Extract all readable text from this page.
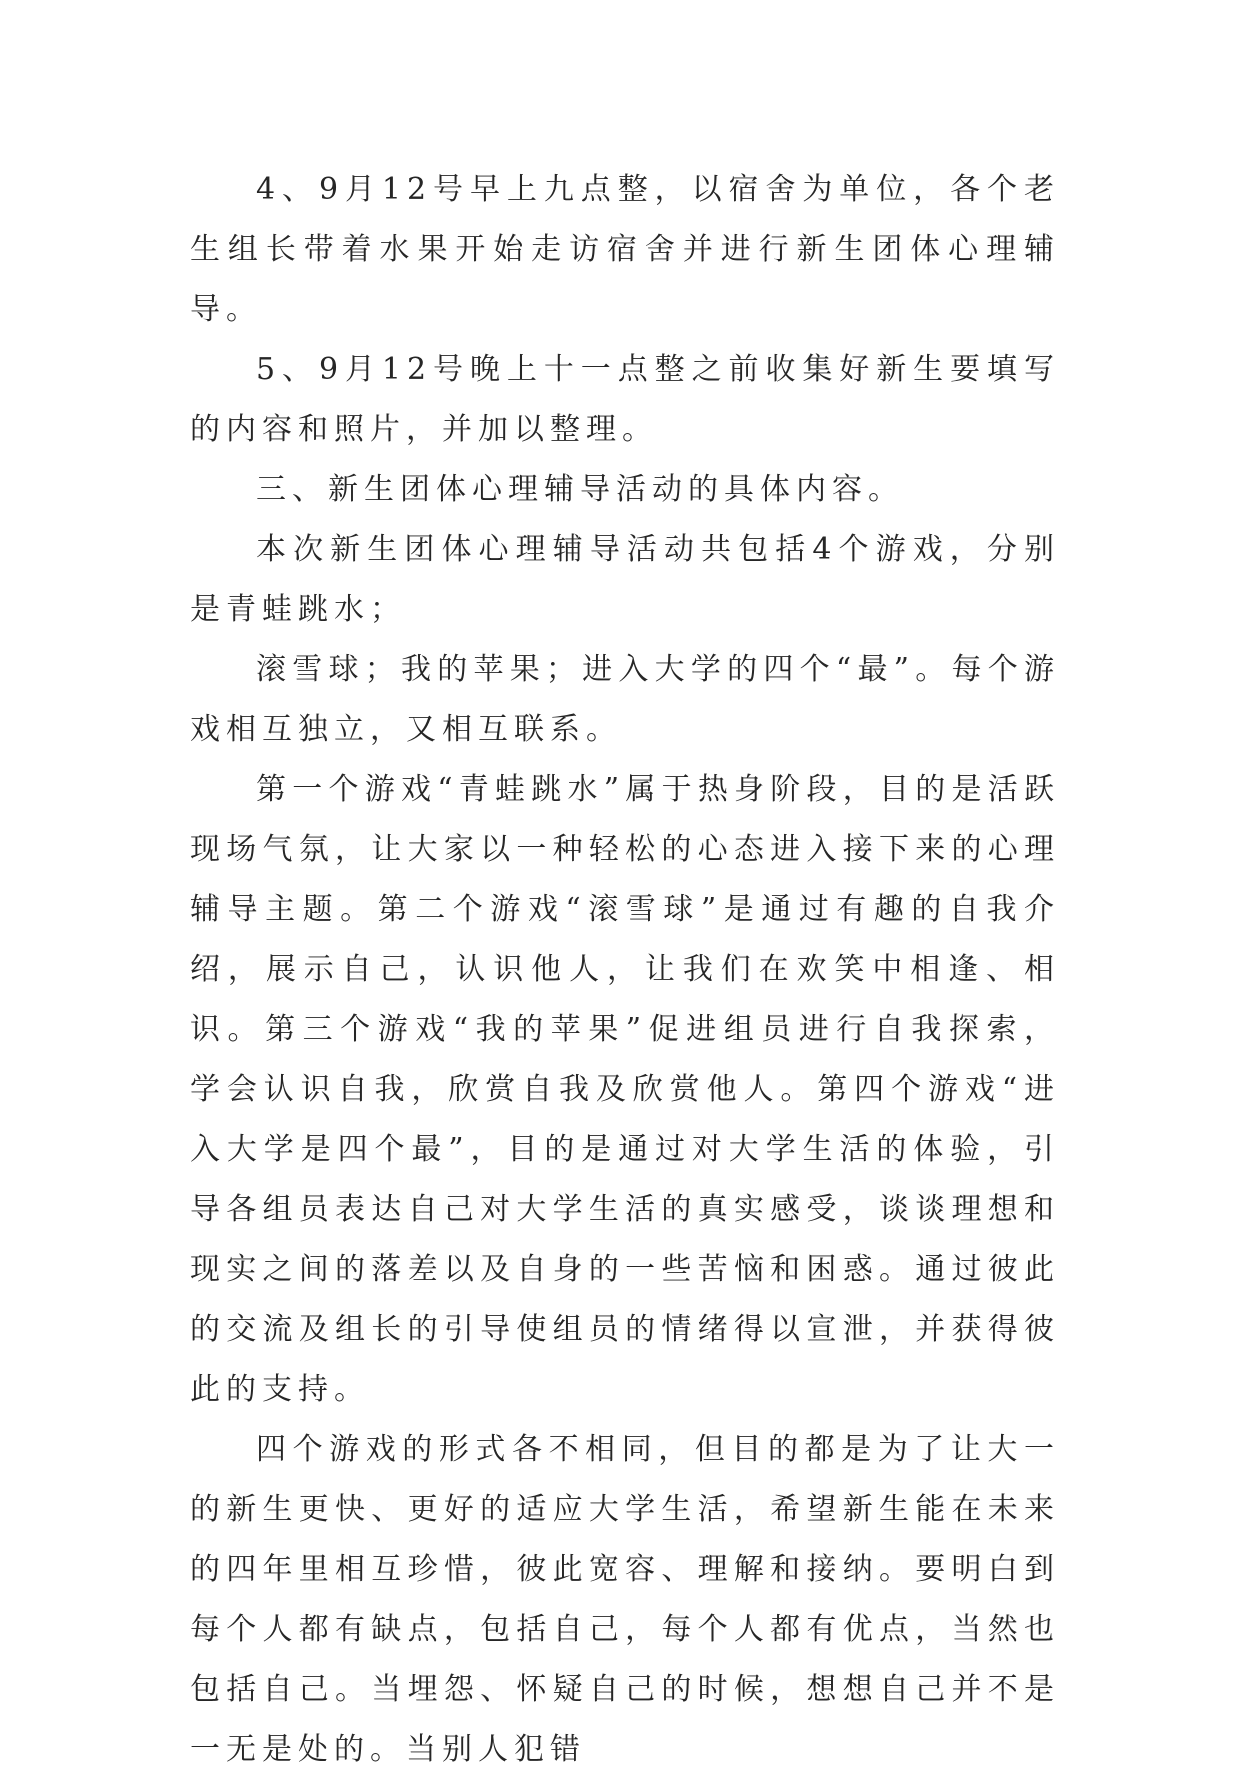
4、9月12号早上九点整，以宿舍为单位，各个老生组长带着水果开始走访宿舍并进行新生团体心理辅导。

5、9月12号晚上十一点整之前收集好新生要填写的内容和照片，并加以整理。

三、新生团体心理辅导活动的具体内容。

本次新生团体心理辅导活动共包括4个游戏，分别是青蛙跳水；

滚雪球；我的苹果；进入大学的四个“最”。每个游戏相互独立，又相互联系。

第一个游戏“青蛙跳水”属于热身阶段，目的是活跃现场气氛，让大家以一种轻松的心态进入接下来的心理辅导主题。第二个游戏“滚雪球”是通过有趣的自我介绍，展示自己，认识他人，让我们在欢笑中相逢、相识。第三个游戏“我的苹果”促进组员进行自我探索，学会认识自我，欣赏自我及欣赏他人。第四个游戏“进入大学是四个最”，目的是通过对大学生活的体验，引导各组员表达自己对大学生活的真实感受，谈谈理想和现实之间的落差以及自身的一些苦恼和困惑。通过彼此的交流及组长的引导使组员的情绪得以宣泄，并获得彼此的支持。

四个游戏的形式各不相同，但目的都是为了让大一的新生更快、更好的适应大学生活，希望新生能在未来的四年里相互珍惜，彼此宽容、理解和接纳。要明白到每个人都有缺点，包括自己，每个人都有优点，当然也包括自己。当埋怨、怀疑自己的时候，想想自己并不是一无是处的。当别人犯错
